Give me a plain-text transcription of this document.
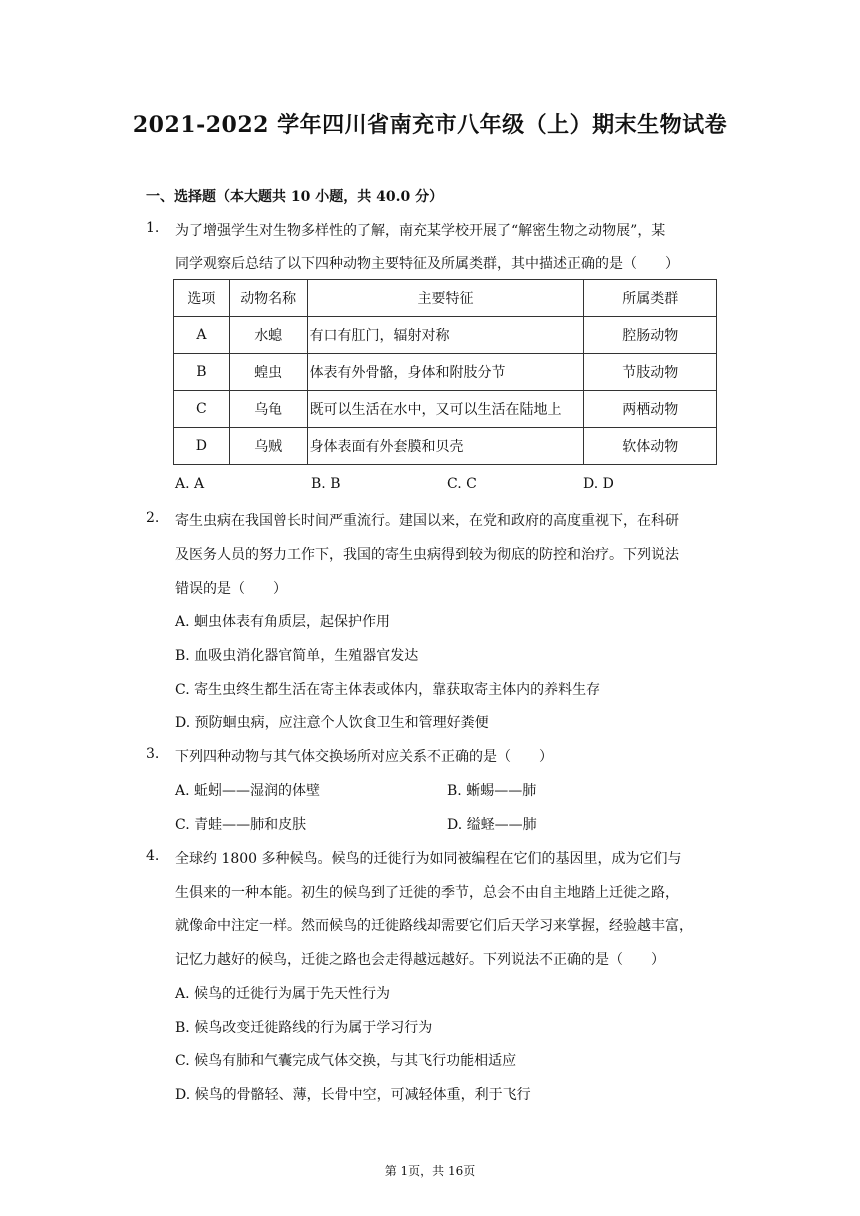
2021-2022 学年四川省南充市八年级（上）期末生物试卷
一、选择题（本大题共 10 小题，共 40.0 分）
1. 为了增强学生对生物多样性的了解，南充某学校开展了“解密生物之动物展”，某
同学观察后总结了以下四种动物主要特征及所属类群，其中描述正确的是（　　）
选项	动物名称	主要特征	所属类群
A	水螅	有口有肛门，辐射对称	腔肠动物
B	蝗虫	体表有外骨骼，身体和附肢分节	节肢动物
C	乌龟	既可以生活在水中，又可以生活在陆地上	两栖动物
D	乌贼	身体表面有外套膜和贝壳	软体动物
A. A	B. B	C. C	D. D
2. 寄生虫病在我国曾长时间严重流行。建国以来，在党和政府的高度重视下，在科研
及医务人员的努力工作下，我国的寄生虫病得到较为彻底的防控和治疗。下列说法
错误的是（　　）
A. 蛔虫体表有角质层，起保护作用
B. 血吸虫消化器官简单，生殖器官发达
C. 寄生虫终生都生活在寄主体表或体内，靠获取寄主体内的养料生存
D. 预防蛔虫病，应注意个人饮食卫生和管理好粪便
3. 下列四种动物与其气体交换场所对应关系不正确的是（　　）
A. 蚯蚓——湿润的体壁	B. 蜥蜴——肺
C. 青蛙——肺和皮肤	D. 缢蛏——肺
4. 全球约 1800 多种候鸟。候鸟的迁徙行为如同被编程在它们的基因里，成为它们与
生俱来的一种本能。初生的候鸟到了迁徙的季节，总会不由自主地踏上迁徙之路，
就像命中注定一样。然而候鸟的迁徙路线却需要它们后天学习来掌握，经验越丰富，
记忆力越好的候鸟，迁徙之路也会走得越远越好。下列说法不正确的是（　　）
A. 候鸟的迁徙行为属于先天性行为
B. 候鸟改变迁徙路线的行为属于学习行为
C. 候鸟有肺和气囊完成气体交换，与其飞行功能相适应
D. 候鸟的骨骼轻、薄，长骨中空，可减轻体重，利于飞行
第 1页，共 16页
